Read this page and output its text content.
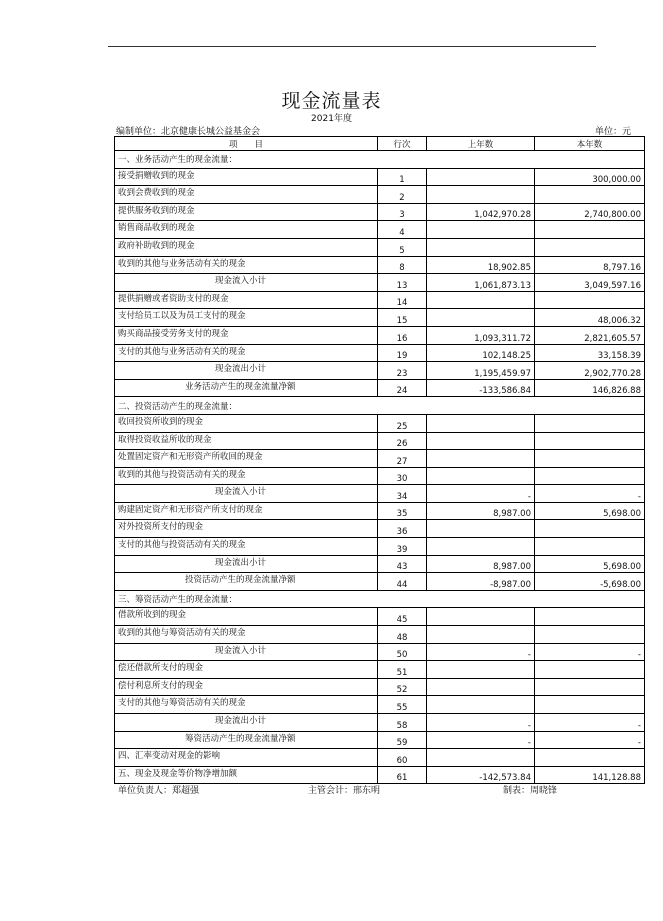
现金流量表
2021年度
编制单位：北京健康长城公益基金会	单位：元
项　　目	行次	上年数	本年数
一、业务活动产生的现金流量：			
接受捐赠收到的现金	1		300,000.00
收到会费收到的现金	2		
提供服务收到的现金	3	1,042,970.28	2,740,800.00
销售商品收到的现金	4		
政府补助收到的现金	5		
收到的其他与业务活动有关的现金	8	18,902.85	8,797.16
现金流入小计	13	1,061,873.13	3,049,597.16
提供捐赠或者资助支付的现金	14		
支付给员工以及为员工支付的现金	15		48,006.32
购买商品接受劳务支付的现金	16	1,093,311.72	2,821,605.57
支付的其他与业务活动有关的现金	19	102,148.25	33,158.39
现金流出小计	23	1,195,459.97	2,902,770.28
业务活动产生的现金流量净额	24	-133,586.84	146,826.88
二、投资活动产生的现金流量：			
收回投资所收到的现金	25		
取得投资收益所收的现金	26		
处置固定资产和无形资产所收回的现金	27		
收到的其他与投资活动有关的现金	30		
现金流入小计	34	-	-
购建固定资产和无形资产所支付的现金	35	8,987.00	5,698.00
对外投资所支付的现金	36		
支付的其他与投资活动有关的现金	39		
现金流出小计	43	8,987.00	5,698.00
投资活动产生的现金流量净额	44	-8,987.00	-5,698.00
三、筹资活动产生的现金流量：			
借款所收到的现金	45		
收到的其他与筹资活动有关的现金	48		
现金流入小计	50	-	-
偿还借款所支付的现金	51		
偿付利息所支付的现金	52		
支付的其他与筹资活动有关的现金	55		
现金流出小计	58	-	-
筹资活动产生的现金流量净额	59	-	-
四、汇率变动对现金的影响	60		
五、现金及现金等价物净增加额	61	-142,573.84	141,128.88
单位负责人：郑超强	主管会计：邢东明	制表：周晓锋
